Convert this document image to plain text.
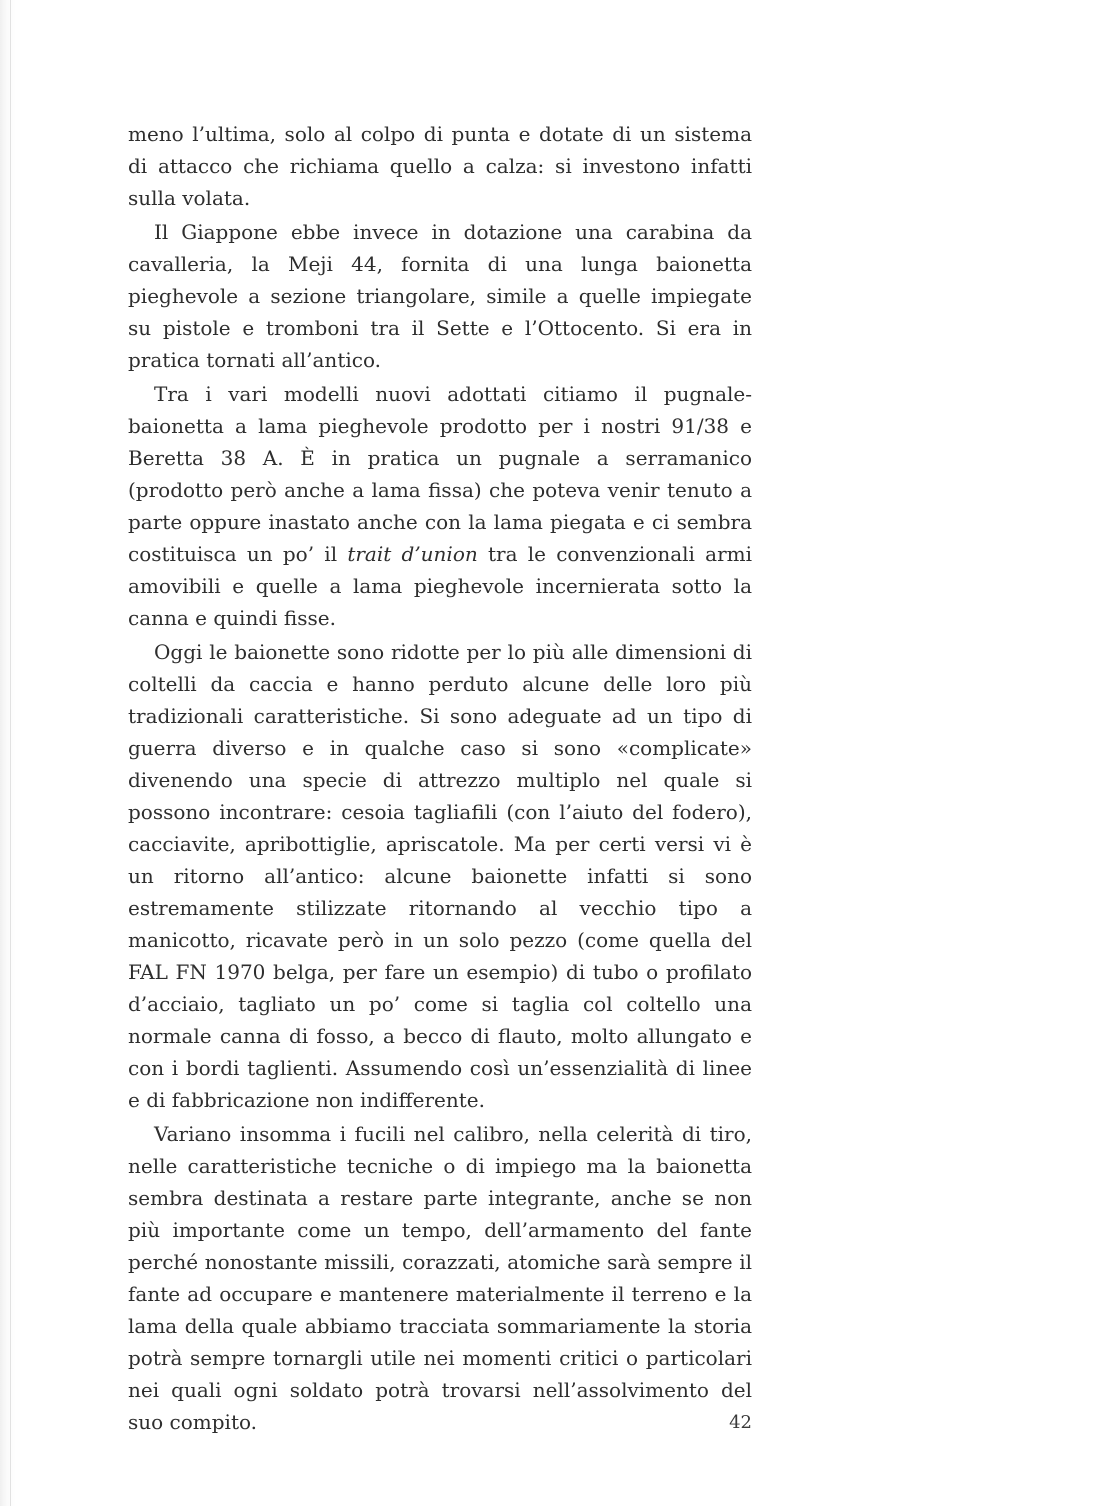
meno l’ultima, solo al colpo di punta e dotate di un sistema di attacco che richiama quello a calza: si investono infatti sulla volata.

Il Giappone ebbe invece in dotazione una carabina da cavalleria, la Meji 44, fornita di una lunga baionetta pieghevole a sezione triangolare, simile a quelle impiegate su pistole e tromboni tra il Sette e l’Ottocento. Si era in pratica tornati all’antico.

Tra i vari modelli nuovi adottati citiamo il pugnale-baionetta a lama pieghevole prodotto per i nostri 91/38 e Beretta 38 A. È in pratica un pugnale a serramanico (prodotto però anche a lama fissa) che poteva venir tenuto a parte oppure inastato anche con la lama piegata e ci sembra costituisca un po’ il trait d’union tra le convenzionali armi amovibili e quelle a lama pieghevole incernierata sotto la canna e quindi fisse.

Oggi le baionette sono ridotte per lo più alle dimensioni di coltelli da caccia e hanno perduto alcune delle loro più tradizionali caratteristiche. Si sono adeguate ad un tipo di guerra diverso e in qualche caso si sono «complicate» divenendo una specie di attrezzo multiplo nel quale si possono incontrare: cesoia tagliafili (con l’aiuto del fodero), cacciavite, apribottiglie, apriscatole. Ma per certi versi vi è un ritorno all’antico: alcune baionette infatti si sono estremamente stilizzate ritornando al vecchio tipo a manicotto, ricavate però in un solo pezzo (come quella del FAL FN 1970 belga, per fare un esempio) di tubo o profilato d’acciaio, tagliato un po’ come si taglia col coltello una normale canna di fosso, a becco di flauto, molto allungato e con i bordi taglienti. Assumendo così un’essenzialità di linee e di fabbricazione non indifferente.

Variano insomma i fucili nel calibro, nella celerità di tiro, nelle caratteristiche tecniche o di impiego ma la baionetta sembra destinata a restare parte integrante, anche se non più importante come un tempo, dell’armamento del fante perché nonostante missili, corazzati, atomiche sarà sempre il fante ad occupare e mantenere materialmente il terreno e la lama della quale abbiamo tracciata sommariamente la storia potrà sempre tornargli utile nei momenti critici o particolari nei quali ogni soldato potrà trovarsi nell’assolvimento del suo compito.	42
